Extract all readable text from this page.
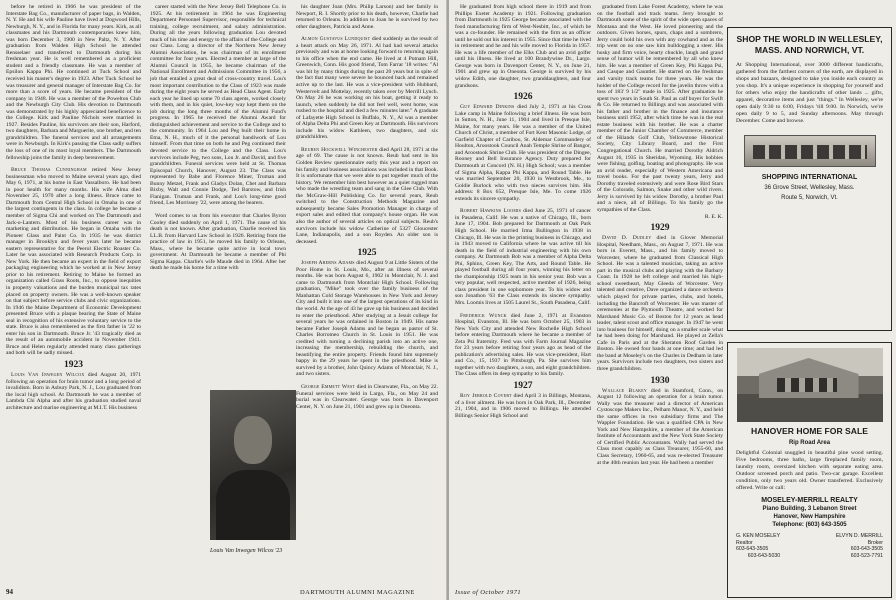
before he retired in 1966 he was president of the Interstate Bag Co., manufacturer of paper bags, in Walden, N. Y. He and his wife Pauline have lived at Dogwood Hills, Newburgh, N. Y., and in Florida for many years. Kirk, as all classmates and his Dartmouth contemporaries knew him, was born December 3, 1900 in New Paltz, N. Y. After graduation from Walden High School he attended Rensselaer and transferred to Dartmouth during his freshman year. He is well remembered as a proficient student and a friendly classmate. He was a member of Epsilon Kappa Phi. He continued at Tuck School and received his master's degree in 1923. After Tuck School he was treasurer and general manager of Interstate Bag Co. for more than a score of years. He became president of the company in 1948. He was a member of the Powelton Club and the Newburgh City Club. His devotion to Dartmouth was demonstrated by his highly appreciated beneficence to the College. Kirk and Pauline Nichols were married in 1927. Besides Pauline, his survivors are their son, Harford, two daughters, Barbara and Marguerite, one brother, and ten grandchildren. The funeral services and all arrangements were in Newburgh. In Kirk's passing the Class sadly suffers the loss of one of its most loyal members. The Dartmouth fellowship joins the family in deep bereavement.

Bruce Thomas Cunningham retired New Jersey businessman who moved to Maine several years ago, died May 6, 1971, at his home in East Vassalboro. He had been in poor health for many months. His wife Alma died November 25, 1970 after a long illness. Bruce came to Dartmouth from Central High School in Omaha in one of the largest contingents in the class. In college he became a member of Sigma Chi and worked on The Dartmouth and Jack-o-Lantern. Most of his business career was in marketing and distribution. He began in Omaha with the Pioneer Glass and Paint Co. In 1935 he was district manager in Brooklyn and fever years later he became eastern representative for the Peerol Electric Roaster Co. Later he was associated with Research Products Corp. in New York. He then became an expert in the field of export packaging engineering which he worked at in New Jersey prior to his retirement. Retiring to Maine he formed an organization called Grass Roots, Inc., to oppose inequities in property valuations and the burden municipal tax rates placed on property owners. He was a well-known speaker on that subject before service clubs and civic organizations. In 1946 the Maine Department of Economic Development presented Bruce with a plaque bearing the State of Maine seal in recognition of his extensive voluntary service to the state. Bruce is also remembered as the first father in '22 to enter his son in Dartmouth. Bruce Jr. '43 tragically died as the result of an automobile accident in November 1941. Bruce and Helen regularly attended many class gatherings and both will be sadly missed.

1923

Louis Van Inwegen Wilcox died August 20, 1971 following an operation for brain tumor and a long period of invalidism. Born in Asbury Park, N. J., Lou graduated from the local high school. At Dartmouth he was a member of Lambda Chi Alpha and after his graduation studied naval architecture and marine engineering at M.I.T. His business

career started with the New Jersey Bell Telephone Co. in 1925. At his retirement in 1964 he was Engineering Department Personnel Supervisor, responsible for technical training, college recruitment, and salary administration. During all the years following graduation Lou devoted much of his time and energy to the affairs of the College and our Class. Long a director of the Northern New Jersey Alumni Association, he was chairman of its enrollment committee for four years. Elected a member at large of the Alumni Council in 1955, he became chairman of the National Enrollment and Admissions Committee in 1956, a job that entailed a great deal of cross-country travel. Lou's most important contribution to the Class of 1923 was made during the eight years he served as Head Class Agent. Early each year he lined up some 70 class agents, worked closely with them, and in his quiet, low-key way kept them on the job during the long three months of the Alumni Fund's progress. In 1965 he received the Alumni Award for distinguished achievement and service to the College and to the community. In 1964 Lou and Peg built their home in Etna, N. H., much of it the personal handiwork of Lou himself. From that time on both he and Peg continued their devoted service to the College and the Class. Lou's survivors include Peg, two sons, Lou Jr. and David, and five grandchildren. Funeral services were held at St. Thomas Episcopal Church, Hanover, August 23. The Class was represented by Babe and Florence Miner, Truman and Bunny Metzel, Frank and Gladys Dolan, Chet and Barbara Bixby, Walt and Connie Dodge, Ted Barstow, and Irish Flanigan. Truman and Frank, and Lou's long-time good friend, Les Morrissey '22, were among the bearers.

Word comes to us from his executor that Charles Byron Cooley died suddenly on April 1, 1971. The cause of his death is not known. After graduation, Charlie received his LL.B. from Harvard Law School in 1926. Retiring from the practice of law in 1951, he moved his family to Orleans, Mass., where he became quite active in local town government. At Dartmouth he became a member of Phi Sigma Kappa. Charlie's wife Maude died in 1964. After her death he made his home for a time with

Louis Van Inwegen Wilcox '23

his daughter Joan (Mrs. Philip Larson) and her family in Newport, R. I. Shortly prior to his death, however, Charlie had returned to Orleans. In addition to Joan he is survived by two other daughters, Patricia and Anne.

Almon Gustavus Lundquist died suddenly as the result of a heart attack on May 26, 1971. Al had had several attacks previously and was at home looking forward to returning again to his office when the end came. He lived at 4 Putnam Hill, Greenwich, Conn. His good friend, Tom Farrar '18 writes: "Al was hit by many things during the past 20 years but in spite of the fact that many were severe he bounced back and remained active up to the last. He was a vice-president with Hubbard, Westervelt and Mottelay, recently taken over by Merrill Lynch. On May 26 he was working on his boat, getting it ready to launch, when suddenly he did not feel well, went home, was rushed to the hospital and died a few minutes later." A graduate of Lafayette High School in Buffalo, N. Y., Al was a member of Alpha Delta Phi and Green Key at Dartmouth. His survivors include his widow Kathleen, two daughters, and six grandchildren.

Reuben Hockwell Winchester died April 28, 1971 at the age of 69. The cause is not known. Reub had sent in his Golden Review questionnaire early this year and a report on his family and business associations was included in that Book. It is unfortunate that we were able to put together much of the history. We remember him best however as a quiet rugged man who made the wrestling team and sang in the Glee Club. With the McGraw-Hill Publishing Co. for several years, Reub switched to the Construction Methods Magazine and subsequently became Sales Promotion Manager in charge of export sales and edited that company's house organ. He was also the author of several articles on optical subjects. Reub's survivors include his widow Catherine of 5327 Gloucester Lane, Indianapolis, and a son Royden. An older son is deceased.

1925

Joseph Aberns Adams died August 9 at Little Sisters of the Poor Home in St. Louis, Mo., after an illness of several months. He was born August 6, 1902 in Montclair, N. J. and came to Dartmouth from Montclair High School. Following graduation, "Mike" took over the family business of the Manhattan Cold Storage Warehouses in New York and Jersey City and built it into one of the largest operations of its kind in the world. At the age of 43 he gave up his business and decided to enter the priesthood. After studying at a Jesuit college for several years he was ordained in Boston in 1949. His name became Father Joseph Adams and he began as pastor of St. Charles Borromeo Church in St. Louis in 1951. He was credited with turning a declining parish into an active one, increasing the membership, rebuilding the church, and beautifying the entire property. Friends found him supremely happy in the 29 years he spent in the priesthood. Mike is survived by a brother, John Quincy Adams of Montclair, N. J., and two sisters.

George Emmett West died in Clearwater, Fla., on May 22. Funeral services were held in Largo, Fla., on May 24 and burial was in Clearwater. George was born in Davenport Center, N. Y. on June 21, 1901 and grew up in Oneonta.

94	DARTMOUTH ALUMNI MAGAZINE

He graduated from high school there in 1919 and from Phillips Exeter Academy in 1921. Following graduation from Dartmouth in 1925 George became associated with the food manufacturing firm of West-Nesbitt, Inc., of which he was a co-founder. He remained with the firm as an officer until he sold out his interest in 1955. Since that time he lived in retirement and he and his wife moved to Florida in 1957. He was a life member of the Elks Club and an avid golfer until his illness. He lived at 100 Brandywine Dr., Largo. George was born in Davenport Center, N. Y., on June 21, 1901 and grew up in Oneonta. George is survived by his widow Edith, one daughter, two granddaughters, and four grandsons.

1926

Guy Edward Dinkins died July 2, 1971 at his Cross Lake camp in Maine following a brief illness. He was born in Sutton, N. H., June 11, 1904 and lived in Presque Isle, Maine, for many years. He was a member of the United Church of Christ, a member of Fort Kent Masonic Lodge, of Garfield Chapter of Caribou, St. Aldemar Commandery of Houlton, Aroostook Council Anah Temple Shrine of Bangor, and Aroostook Shrine Club. He was president of the Dingee, Rooney and Bell Insurance Agency. Duty prepared for Dartmouth at Concord (N. H.) High School; was a member of Sigma Alpha, Kappa Phi Kappa, and Round Table. He was married September 20, 1930 in Westbrook, Me., to Goldie Burlock who with two nieces survives him. His address: 8 Box 652, Presque Isle, Me. To come 1926 extends its sincere sympathy.

Robert Hawkins Loomis died June 25, 1971 of cancer in Pasadena, Calif. He was a native of Chicago, Ill., born June 17, 1904. Bob prepared for Dartmouth at Oak Park High School. He married Irma Bullington in 1938 in Chicago, Ill. He was in the printing business in Chicago, and in 1943 moved to California where he was active till his death in the field of industrial engineering with his own company. At Dartmouth Bob was a member of Alpha Delta Phi, Sphinx, Green Key, The Arts, and Round Table. He played football during all four years, winning his letter on the championship 1925 team in his senior year. Bob was a very popular, well respected, active member of 1926, being class president in one sophomore year. To his widow and son Jonathon '63 the Class extends its sincere sympathy. Mrs. Loomis lives at 1505 Laurel St., South Pasadena, Calif.

Frederick Wunck died June 2, 1971 at Evanston Hospital, Evanston, Ill. He was born October 25, 1903 in New York City and attended New Rochelle High School before entering Dartmouth where he became a member of Zeta Psi fraternity. Fred was with Farm Journal Magazine for 23 years before retiring four years ago as head of the publication's advertising sales. He was vice-president, Hart and Co., 15, 1937 in Pittsburgh, Pa. She survives him together with two daughters, a son, and eight grandchildren. The Class offers its deep sympathy to his family.

1927

Roy Jerrold Covert died April 3 in Billings, Montana, of a liver ailment. He was born in Oak Park, Ill., December 21, 1904, and in 1906 moved to Billings. He attended Billings Senior High School and

graduated from Lake Forest Academy, where he was on the football and track teams. Jerry brought to Dartmouth some of the spirit of the wide open spaces of Montana and the West. He loved pioneering and the outdoors. Given horses, spurs, chaps and a sombrero, Jerry could hold his own with any cowhand and as the trip went on no one saw him bulldogging a steer. His husky and firm voice, hearty chuckle, laugh and grand sense of humor will be remembered by all who knew him. He was a member of Green Key, Phi Kappa Psi, and Casque and Gauntlet. He starred on the freshman and varsity track teams for three years. He was the holder of the College record for the javelin throw with a toss of 183' 9 1/2" made in 1925. After graduation he spent two years in South St. Paul as calf buyer for Swift & Co. He returned to Billings and was associated with his father and brother in the finance and insurance business until 1952, after which time he was in the real estate business with his brother. He was a charter member of the Junior Chamber of Commerce, member of the Hilands Golf Club, Yellowstone Historical Society, City Library Board, and the First Congregational Church. He married Dorothy Aldrich August 16, 1935 in Sheridan, Wyoming. His hobbies were fishing, golfing, boating and photography. He was an avid reader, especially of Western Americana and travel books. For the past twenty years, Jerry and Dorothy traveled extensively and were Rose Bird Stars of the Colorado, Salmon, Snake and other wild rivers. Jerry is survived by his widow Dorothy, a brother Paul and a niece, all of Billings. To his family go the sympathies of the Class.

R. E. K.

1929

David D. Dudley died in Glover Memorial Hospital, Needham, Mass., on August 7, 1971. He was born in Everett, Mass., and his family moved to Worcester, where he graduated from Classical High School. He was a talented musician, taking an active part in the musical clubs and playing with the Barbary Coast. In 1928 he left college and married his high-school sweetheart, May Gleeda of Worcester. Very talented and creative, Dave organized a dance orchestra which played for private parties, clubs, and hotels, including the Bancroft of Worcester. He was master of ceremonies at the Plymouth Theatre, and worked for Marshand Music Co. of Boston for 12 years as head leader, talent scout and office manager. In 1947 he went into business for himself, doing on a smaller scale what he had been doing for Marshand. He played at Zella's Cafe in Paris and at the Sheraton Roof Garden in Boston. He owned four bands at one time; and had led the band at Moseley's on the Charles in Dedham in later years. Survivors include two daughters, two sisters and three grandchildren.

1930

Wallace Blakey died in Stamford, Conn., on August 12 following an operation for a brain tumor. Wally was the treasurer and a director of American Cystoscope Makers Inc., Pelham Manor, N. Y., and held the same offices in two subsidiary firms and The Wappler Foundation. He was a qualified CPA in New York and New Hampshire, a member of the American Institute of Accountants and the New York State Society of Certified Public Accountants. Wally had served the Class most capably as Class Treasurer, 1955-60, and Class Secretary, 1960-65, and was re-elected Treasurer at the 40th reunion last year. He had been a member

Issue of October 1971
SHOP THE WORLD IN WELLESLEY, MASS. AND NORWICH, VT.
At Shopping International, over 3000 different handicrafts, gathered from the farthest corners of the earth, are displayed in shops and bazaars, designed to take you inside each country as you shop. It's a unique experience in shopping for yourself and for others who enjoy the handicrafts of other lands ... gifts, apparel, decorative items and just "things." In Wellesley, we're open daily 9:30 to 6:00, Fridays 'till 9:00. In Norwich, we're open daily 9 to 5, and Sunday afternoons. May through December. Come and browse.
SHOPPING INTERNATIONAL
36 Grove Street, Wellesley, Mass.
Route 5, Norwich, Vt.
HANOVER HOME FOR SALE
Rip Road Area
Delightful Colonial snuggled in beautiful pine wood setting. Five bedrooms, three baths, large fireplaced family room, laundry room, oversized kitchen with separate eating area. Outdoor screened porch and patio. Two-car garage. Excellent condition, only two years old. Owner transferred. Exclusively offered. Write or call:
MOSELEY-MERRILL REALTY
Piano Building, 3 Lebanon Street
Hanover, New Hampshire
Telephone: (603) 643-3505
G. KEN MOSELEY
Realtor
603-643-3505
603-643-5030
ELVYN D. MERRILL
Broker
603-643-3505
603-523-7791
